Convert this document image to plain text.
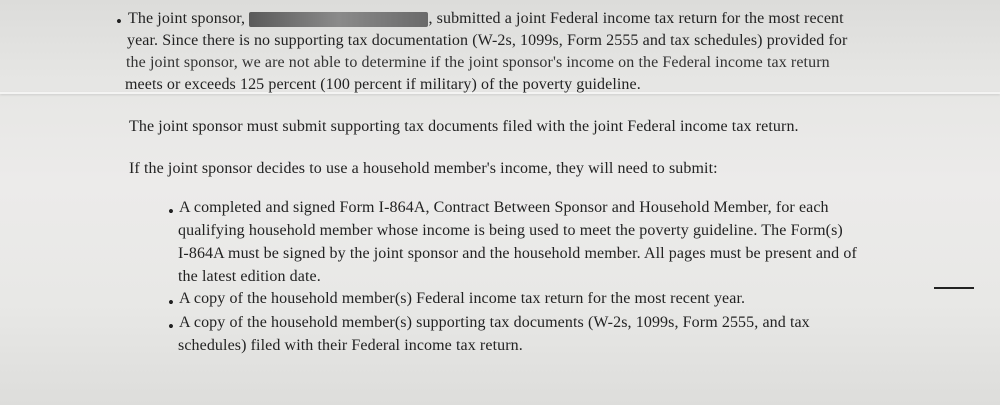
• The joint sponsor,	, submitted a joint Federal income tax return for the most recent
year. Since there is no supporting tax documentation (W-2s, 1099s, Form 2555 and tax schedules) provided for
the joint sponsor, we are not able to determine if the joint sponsor's income on the Federal income tax return
meets or exceeds 125 percent (100 percent if military) of the poverty guideline.
The joint sponsor must submit supporting tax documents filed with the joint Federal income tax return.
If the joint sponsor decides to use a household member's income, they will need to submit:
• A completed and signed Form I-864A, Contract Between Sponsor and Household Member, for each
qualifying household member whose income is being used to meet the poverty guideline. The Form(s)
I-864A must be signed by the joint sponsor and the household member. All pages must be present and of
the latest edition date.
• A copy of the household member(s) Federal income tax return for the most recent year.
• A copy of the household member(s) supporting tax documents (W-2s, 1099s, Form 2555, and tax
schedules) filed with their Federal income tax return.
